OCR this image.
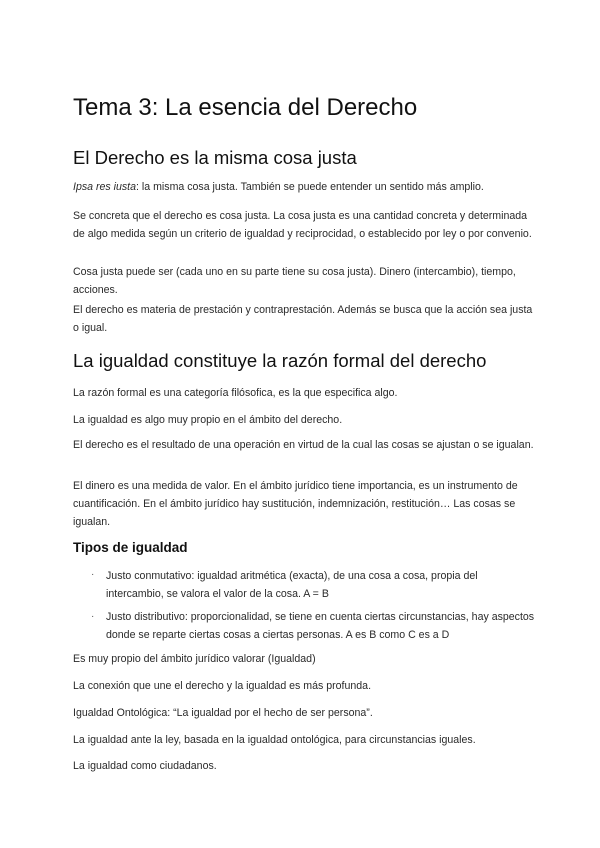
Tema 3: La esencia del Derecho
El Derecho es la misma cosa justa

Ipsa res iusta: la misma cosa justa. También se puede entender un sentido más amplio.

Se concreta que el derecho es cosa justa. La cosa justa es una cantidad concreta y determinada de algo medida según un criterio de igualdad y reciprocidad, o establecido por ley o por convenio.

Cosa justa puede ser (cada uno en su parte tiene su cosa justa). Dinero (intercambio), tiempo, acciones.

El derecho es materia de prestación y contraprestación. Además se busca que la acción sea justa o igual.

La igualdad constituye la razón formal del derecho

La razón formal es una categoría filósofica, es la que especifica algo.

La igualdad es algo muy propio en el ámbito del derecho.

El derecho es el resultado de una operación en virtud de la cual las cosas se ajustan o se igualan.

El dinero es una medida de valor. En el ámbito jurídico tiene importancia, es un instrumento de cuantificación. En el ámbito jurídico hay sustitución, indemnización, restitución… Las cosas se igualan.

Tipos de igualdad
· Justo conmutativo: igualdad aritmética (exacta), de una cosa a cosa, propia del intercambio, se valora el valor de la cosa. A = B

· Justo distributivo: proporcionalidad, se tiene en cuenta ciertas circunstancias, hay aspectos donde se reparte ciertas cosas a ciertas personas. A es B como C es a D

Es muy propio del ámbito jurídico valorar (Igualdad)

La conexión que une el derecho y la igualdad es más profunda.

Igualdad Ontológica: “La igualdad por el hecho de ser persona”.

La igualdad ante la ley, basada en la igualdad ontológica, para circunstancias iguales.

La igualdad como ciudadanos.
